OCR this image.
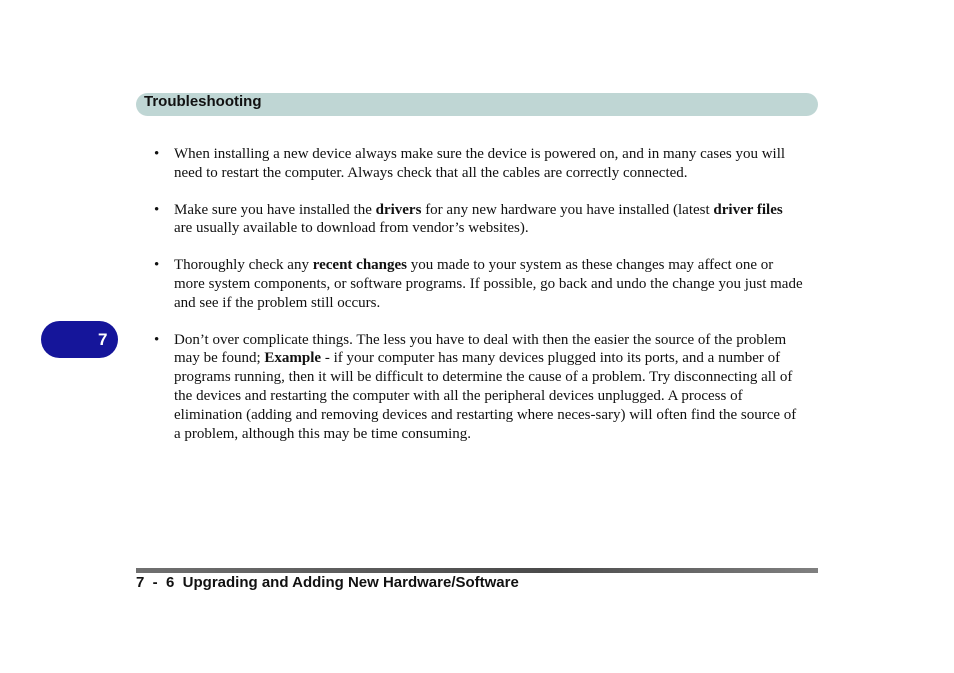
Troubleshooting
7
• When installing a new device always make sure the device is powered on, and in many cases you will need to restart the computer. Always check that all the cables are correctly connected.
• Make sure you have installed the drivers for any new hardware you have installed (latest driver files are usually available to download from vendor’s websites).
• Thoroughly check any recent changes you made to your system as these changes may affect one or more system components, or software programs. If possible, go back and undo the change you just made and see if the problem still occurs.
• Don’t over complicate things. The less you have to deal with then the easier the source of the problem may be found; Example - if your computer has many devices plugged into its ports, and a number of programs running, then it will be difficult to determine the cause of a problem. Try disconnecting all of the devices and restarting the computer with all the peripheral devices unplugged. A process of elimination (adding and removing devices and restarting where neces-sary) will often find the source of a problem, although this may be time consuming.
7  -  6  Upgrading and Adding New Hardware/Software
